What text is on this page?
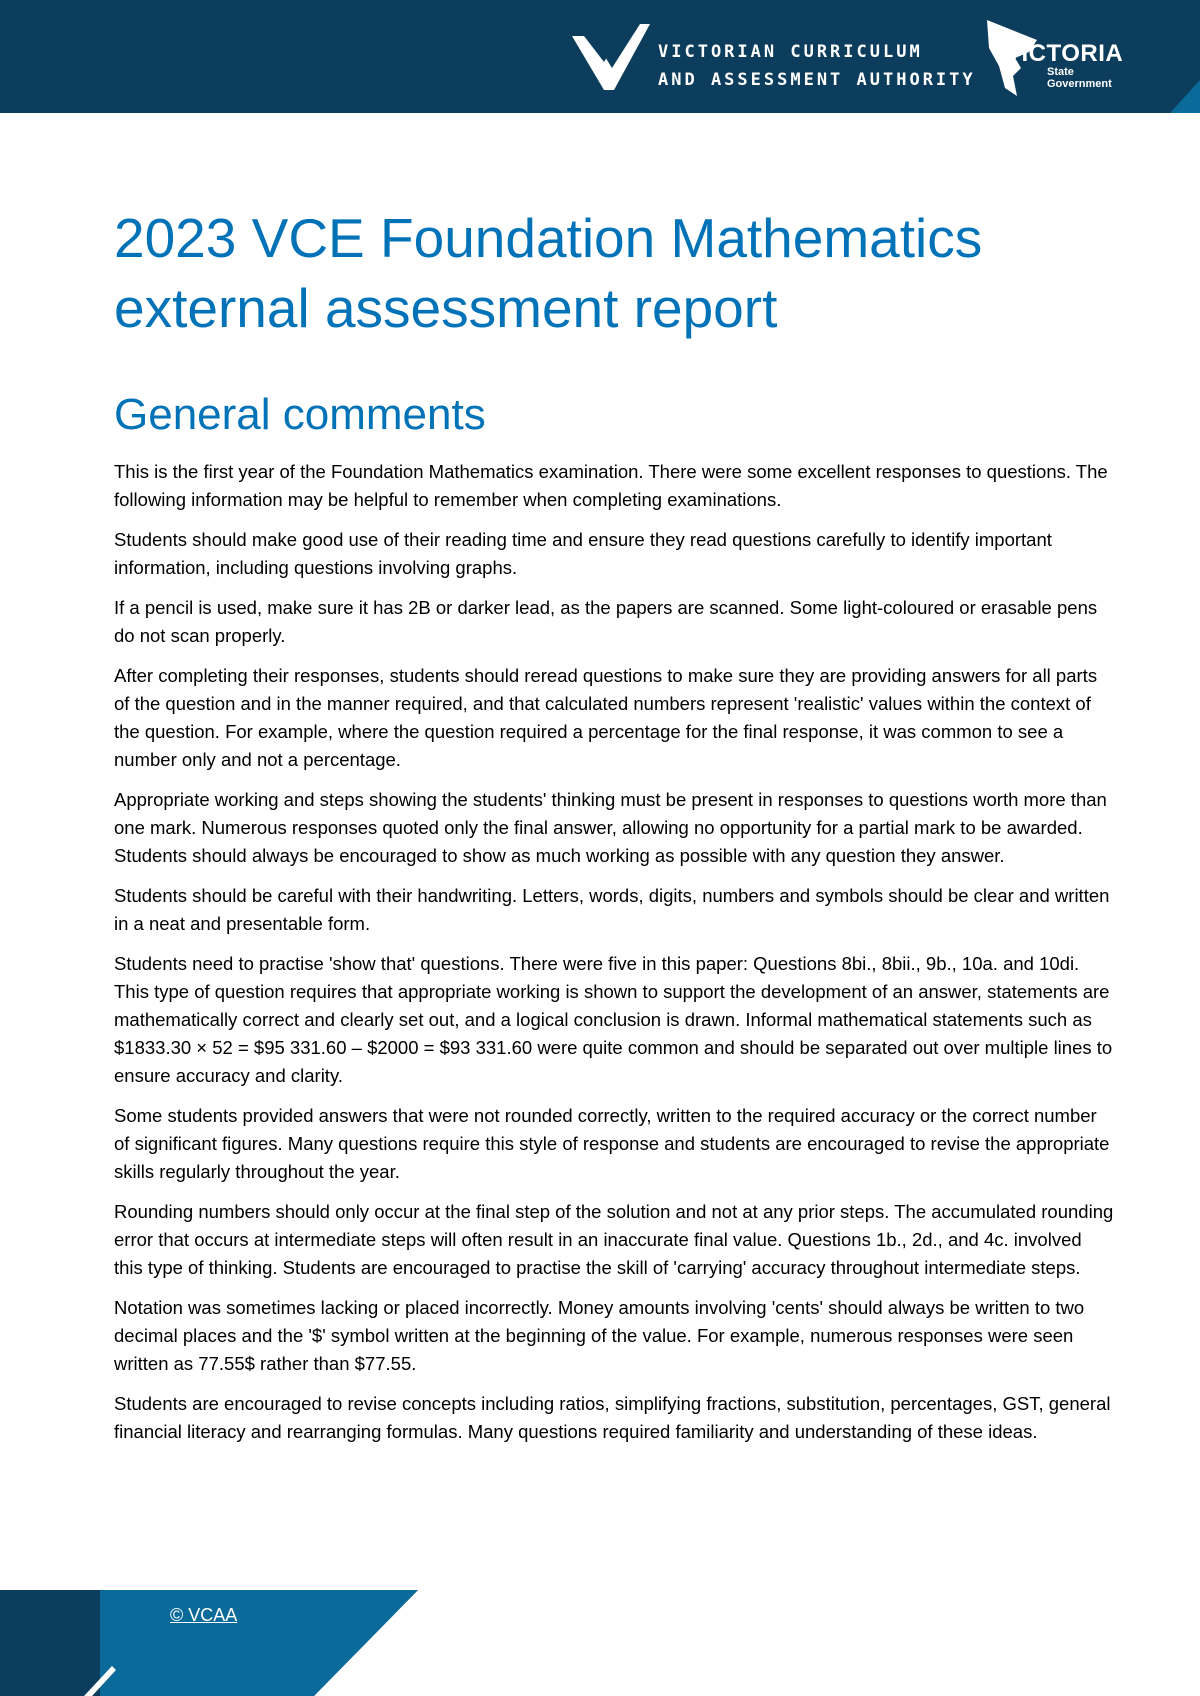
VICTORIAN CURRICULUM
AND ASSESSMENT AUTHORITY
VICTORIA
State
Government
2023 VCE Foundation Mathematics
external assessment report
General comments

This is the first year of the Foundation Mathematics examination. There were some excellent responses to questions. The following information may be helpful to remember when completing examinations.

Students should make good use of their reading time and ensure they read questions carefully to identify important information, including questions involving graphs.

If a pencil is used, make sure it has 2B or darker lead, as the papers are scanned. Some light-coloured or erasable pens do not scan properly.

After completing their responses, students should reread questions to make sure they are providing answers for all parts of the question and in the manner required, and that calculated numbers represent 'realistic' values within the context of the question. For example, where the question required a percentage for the final response, it was common to see a number only and not a percentage.

Appropriate working and steps showing the students' thinking must be present in responses to questions worth more than one mark. Numerous responses quoted only the final answer, allowing no opportunity for a partial mark to be awarded. Students should always be encouraged to show as much working as possible with any question they answer.

Students should be careful with their handwriting. Letters, words, digits, numbers and symbols should be clear and written in a neat and presentable form.

Students need to practise 'show that' questions. There were five in this paper: Questions 8bi., 8bii., 9b., 10a. and 10di. This type of question requires that appropriate working is shown to support the development of an answer, statements are mathematically correct and clearly set out, and a logical conclusion is drawn. Informal mathematical statements such as $1833.30 × 52 = $95 331.60 – $2000 = $93 331.60 were quite common and should be separated out over multiple lines to ensure accuracy and clarity.

Some students provided answers that were not rounded correctly, written to the required accuracy or the correct number of significant figures. Many questions require this style of response and students are encouraged to revise the appropriate skills regularly throughout the year.

Rounding numbers should only occur at the final step of the solution and not at any prior steps. The accumulated rounding error that occurs at intermediate steps will often result in an inaccurate final value. Questions 1b., 2d., and 4c. involved this type of thinking. Students are encouraged to practise the skill of 'carrying' accuracy throughout intermediate steps.

Notation was sometimes lacking or placed incorrectly. Money amounts involving 'cents' should always be written to two decimal places and the '$' symbol written at the beginning of the value. For example, numerous responses were seen written as 77.55$ rather than $77.55.

Students are encouraged to revise concepts including ratios, simplifying fractions, substitution, percentages, GST, general financial literacy and rearranging formulas. Many questions required familiarity and understanding of these ideas.

© VCAA
